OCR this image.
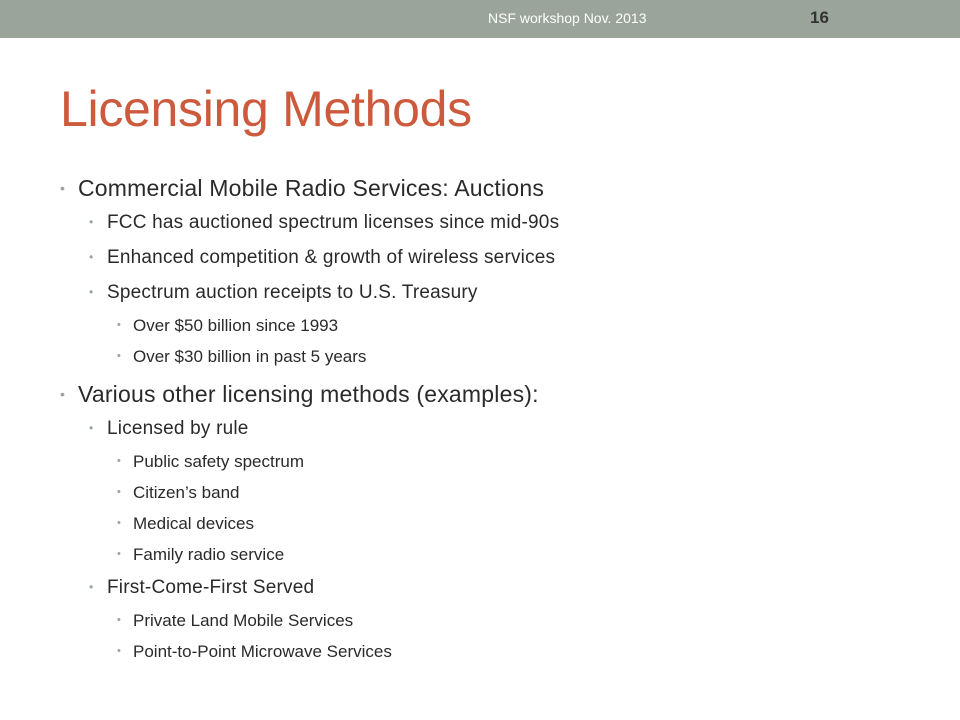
NSF workshop Nov. 2013	16
Licensing Methods
• Commercial Mobile Radio Services: Auctions
• FCC has auctioned spectrum licenses since mid-90s
• Enhanced competition & growth of wireless services
• Spectrum auction receipts to U.S. Treasury
• Over $50 billion since 1993
• Over $30 billion in past 5 years
• Various other licensing methods (examples):
• Licensed by rule
• Public safety spectrum
• Citizen’s band
• Medical devices
• Family radio service
• First-Come-First Served
• Private Land Mobile Services
• Point-to-Point Microwave Services
